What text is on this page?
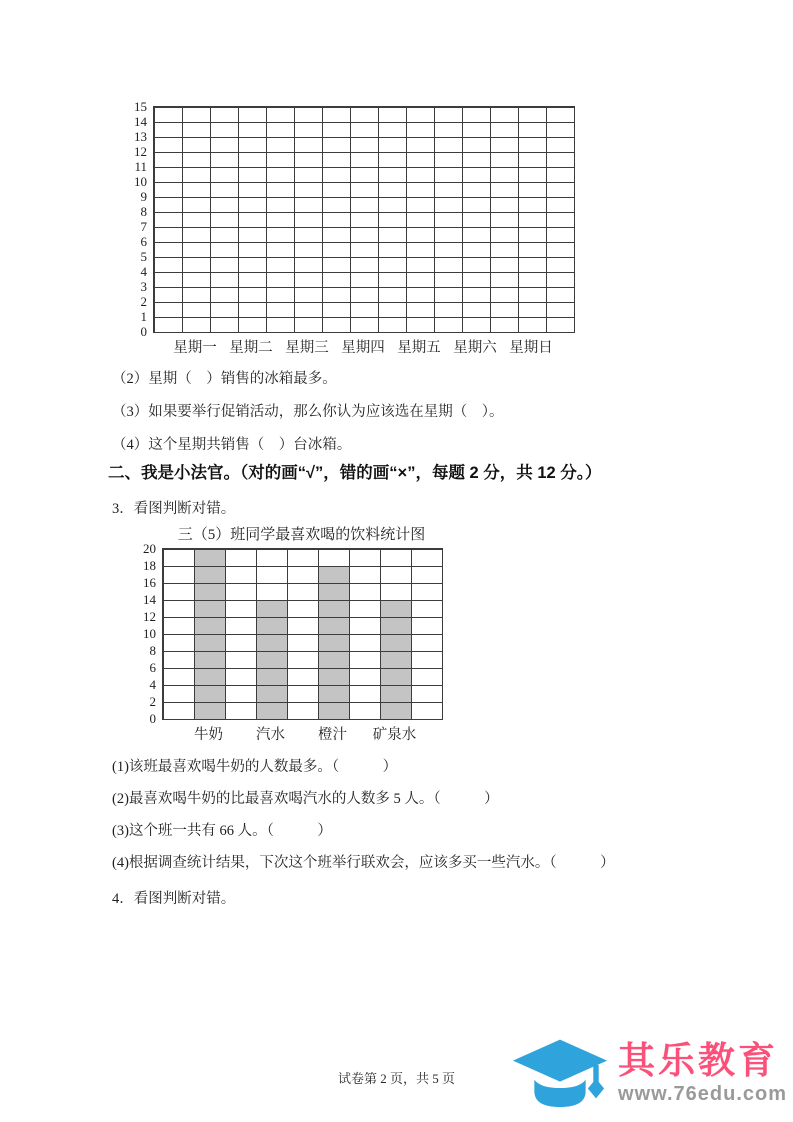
15
14
13
12
11
10
9
8
7
6
5
4
3
2
1
0
星期一 星期二 星期三 星期四 星期五 星期六 星期日
（2）星期（　）销售的冰箱最多。
（3）如果要举行促销活动，那么你认为应该选在星期（　）。
（4）这个星期共销售（　）台冰箱。
二、我是小法官。（对的画“√”，错的画“×”，每题 2 分，共 12 分。）
3．看图判断对错。
三（5）班同学最喜欢喝的饮料统计图
20
18
16
14
12
10
8
6
4
2
0
牛奶	汽水	橙汁	矿泉水
(1)该班最喜欢喝牛奶的人数最多。（　　　）
(2)最喜欢喝牛奶的比最喜欢喝汽水的人数多 5 人。（　　　）
(3)这个班一共有 66 人。（　　　）
(4)根据调查统计结果，下次这个班举行联欢会，应该多买一些汽水。（　　　）
4．看图判断对错。
试卷第 2 页，共 5 页	其乐教育
www.76edu.com
